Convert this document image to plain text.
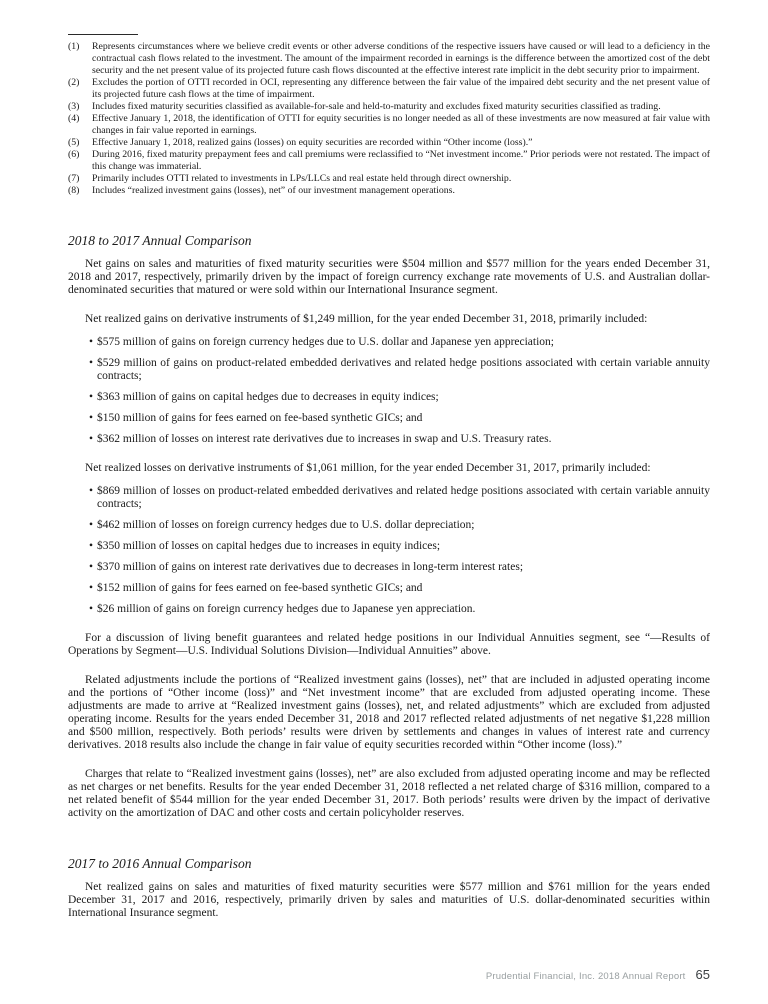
(1)	Represents circumstances where we believe credit events or other adverse conditions of the respective issuers have caused or will lead to a deficiency in the contractual cash flows related to the investment. The amount of the impairment recorded in earnings is the difference between the amortized cost of the debt security and the net present value of its projected future cash flows discounted at the effective interest rate implicit in the debt security prior to impairment.
(2)	Excludes the portion of OTTI recorded in OCI, representing any difference between the fair value of the impaired debt security and the net present value of its projected future cash flows at the time of impairment.
(3)	Includes fixed maturity securities classified as available-for-sale and held-to-maturity and excludes fixed maturity securities classified as trading.
(4)	Effective January 1, 2018, the identification of OTTI for equity securities is no longer needed as all of these investments are now measured at fair value with changes in fair value reported in earnings.
(5)	Effective January 1, 2018, realized gains (losses) on equity securities are recorded within “Other income (loss).”
(6)	During 2016, fixed maturity prepayment fees and call premiums were reclassified to “Net investment income.” Prior periods were not restated. The impact of this change was immaterial.
(7)	Primarily includes OTTI related to investments in LPs/LLCs and real estate held through direct ownership.
(8)	Includes “realized investment gains (losses), net” of our investment management operations.
2018 to 2017 Annual Comparison

Net gains on sales and maturities of fixed maturity securities were $504 million and $577 million for the years ended December 31, 2018 and 2017, respectively, primarily driven by the impact of foreign currency exchange rate movements of U.S. and Australian dollar-denominated securities that matured or were sold within our International Insurance segment.

Net realized gains on derivative instruments of $1,249 million, for the year ended December 31, 2018, primarily included:

• $575 million of gains on foreign currency hedges due to U.S. dollar and Japanese yen appreciation;
• $529 million of gains on product-related embedded derivatives and related hedge positions associated with certain variable annuity contracts;
• $363 million of gains on capital hedges due to decreases in equity indices;
• $150 million of gains for fees earned on fee-based synthetic GICs; and
• $362 million of losses on interest rate derivatives due to increases in swap and U.S. Treasury rates.

Net realized losses on derivative instruments of $1,061 million, for the year ended December 31, 2017, primarily included:

• $869 million of losses on product-related embedded derivatives and related hedge positions associated with certain variable annuity contracts;
• $462 million of losses on foreign currency hedges due to U.S. dollar depreciation;
• $350 million of losses on capital hedges due to increases in equity indices;
• $370 million of gains on interest rate derivatives due to decreases in long-term interest rates;
• $152 million of gains for fees earned on fee-based synthetic GICs; and
• $26 million of gains on foreign currency hedges due to Japanese yen appreciation.

For a discussion of living benefit guarantees and related hedge positions in our Individual Annuities segment, see “—Results of Operations by Segment—U.S. Individual Solutions Division—Individual Annuities” above.

Related adjustments include the portions of “Realized investment gains (losses), net” that are included in adjusted operating income and the portions of “Other income (loss)” and “Net investment income” that are excluded from adjusted operating income. These adjustments are made to arrive at “Realized investment gains (losses), net, and related adjustments” which are excluded from adjusted operating income. Results for the years ended December 31, 2018 and 2017 reflected related adjustments of net negative $1,228 million and $500 million, respectively. Both periods’ results were driven by settlements and changes in values of interest rate and currency derivatives. 2018 results also include the change in fair value of equity securities recorded within “Other income (loss).”

Charges that relate to “Realized investment gains (losses), net” are also excluded from adjusted operating income and may be reflected as net charges or net benefits. Results for the year ended December 31, 2018 reflected a net related charge of $316 million, compared to a net related benefit of $544 million for the year ended December 31, 2017. Both periods’ results were driven by the impact of derivative activity on the amortization of DAC and other costs and certain policyholder reserves.

2017 to 2016 Annual Comparison

Net realized gains on sales and maturities of fixed maturity securities were $577 million and $761 million for the years ended December 31, 2017 and 2016, respectively, primarily driven by sales and maturities of U.S. dollar-denominated securities within International Insurance segment.

Prudential Financial, Inc. 2018 Annual Report 65
